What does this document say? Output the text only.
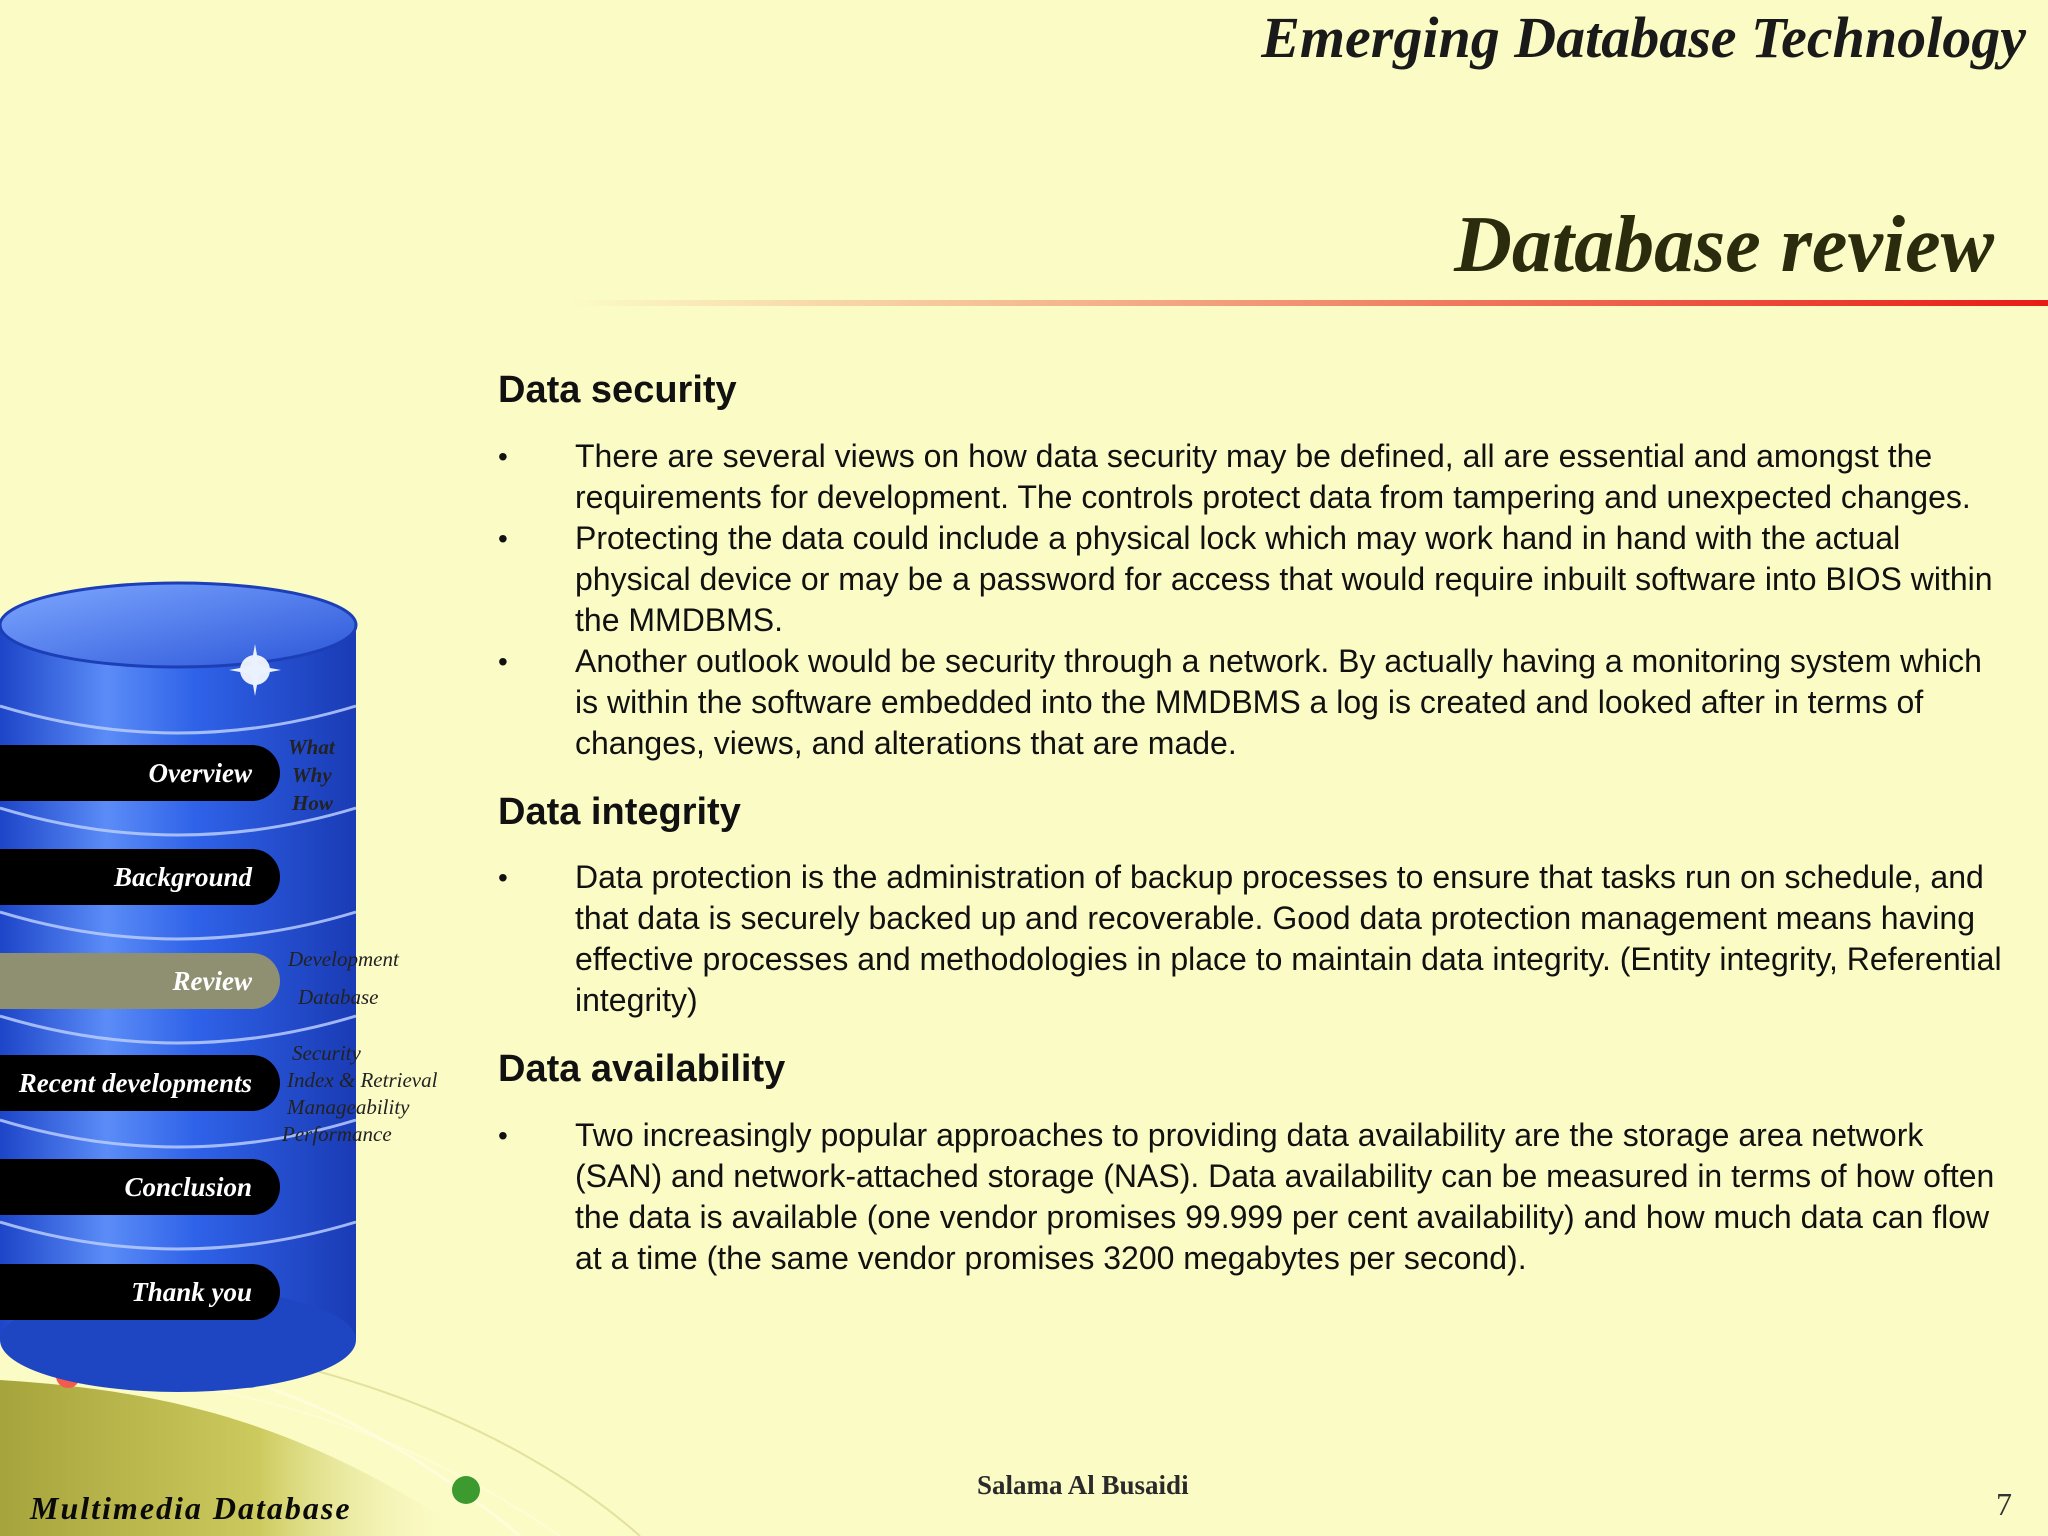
Emerging Database Technology
Database review
Overview
Background
Review
Recent developments
Conclusion
Thank you
What
Why
How
Development
Database
Security
Index & Retrieval
Manageability
Performance
Data security
• There are several views on how data security may be defined, all are essential and amongst the requirements for development. The controls protect data from tampering and unexpected changes.
• Protecting the data could include a physical lock which may work hand in hand with the actual physical device or may be a password for access that would require inbuilt software into BIOS within the MMDBMS.
• Another outlook would be security through a network. By actually having a monitoring system which is within the software embedded into the MMDBMS a log is created and looked after in terms of changes, views, and alterations that are made.
Data integrity
• Data protection is the administration of backup processes to ensure that tasks run on schedule, and that data is securely backed up and recoverable. Good data protection management means having effective processes and methodologies in place to maintain data integrity. (Entity integrity, Referential integrity)
Data availability
• Two increasingly popular approaches to providing data availability are the storage area network (SAN) and network-attached storage (NAS). Data availability can be measured in terms of how often the data is available (one vendor promises 99.999 per cent availability) and how much data can flow at a time (the same vendor promises 3200 megabytes per second).
Multimedia Database
Salama Al Busaidi
7
